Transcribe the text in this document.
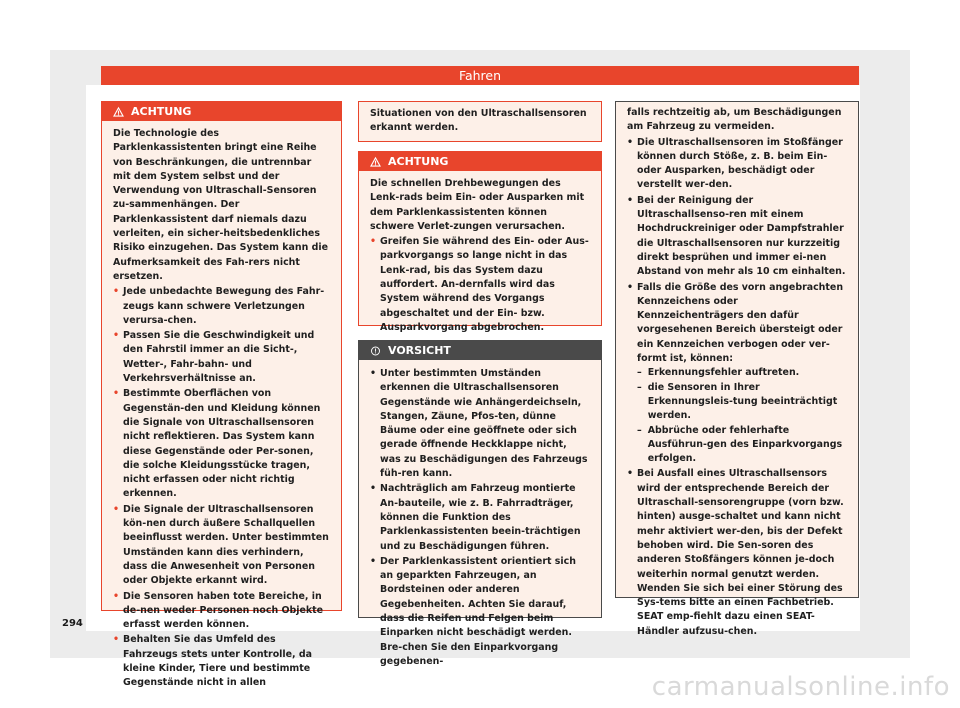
Fahren
ACHTUNG

Die Technologie des Parklenkassistenten bringt eine Reihe von Beschränkungen, die untrennbar mit dem System selbst und der Verwendung von Ultraschall-Sensoren zu-sammenhängen. Der Parklenkassistent darf niemals dazu verleiten, ein sicher-heitsbedenkliches Risiko einzugehen. Das System kann die Aufmerksamkeit des Fah-rers nicht ersetzen.

• Jede unbedachte Bewegung des Fahr-zeugs kann schwere Verletzungen verursa-chen.
• Passen Sie die Geschwindigkeit und den Fahrstil immer an die Sicht-, Wetter-, Fahr-bahn- und Verkehrsverhältnisse an.
• Bestimmte Oberflächen von Gegenstän-den und Kleidung können die Signale von Ultraschallsensoren nicht reflektieren. Das System kann diese Gegenstände oder Per-sonen, die solche Kleidungsstücke tragen, nicht erfassen oder nicht richtig erkennen.
• Die Signale der Ultraschallsensoren kön-nen durch äußere Schallquellen beeinflusst werden. Unter bestimmten Umständen kann dies verhindern, dass die Anwesenheit von Personen oder Objekte erkannt wird.
• Die Sensoren haben tote Bereiche, in de-nen weder Personen noch Objekte erfasst werden können.
• Behalten Sie das Umfeld des Fahrzeugs stets unter Kontrolle, da kleine Kinder, Tiere und bestimmte Gegenstände nicht in allen

Situationen von den Ultraschallsensoren erkannt werden.

ACHTUNG

Die schnellen Drehbewegungen des Lenk-rads beim Ein- oder Ausparken mit dem Parklenkassistenten können schwere Verlet-zungen verursachen.

• Greifen Sie während des Ein- oder Aus-parkvorgangs so lange nicht in das Lenk-rad, bis das System dazu auffordert. An-dernfalls wird das System während des Vorgangs abgeschaltet und der Ein- bzw. Ausparkvorgang abgebrochen.
VORSICHT
• Unter bestimmten Umständen erkennen die Ultraschallsensoren Gegenstände wie Anhängerdeichseln, Stangen, Zäune, Pfos-ten, dünne Bäume oder eine geöffnete oder sich gerade öffnende Heckklappe nicht, was zu Beschädigungen des Fahrzeugs füh-ren kann.
• Nachträglich am Fahrzeug montierte An-bauteile, wie z. B. Fahrradträger, können die Funktion des Parklenkassistenten beein-trächtigen und zu Beschädigungen führen.
• Der Parklenkassistent orientiert sich an geparkten Fahrzeugen, an Bordsteinen oder anderen Gegebenheiten. Achten Sie darauf, dass die Reifen und Felgen beim Einparken nicht beschädigt werden. Bre-chen Sie den Einparkvorgang gegebenen-

falls rechtzeitig ab, um Beschädigungen am Fahrzeug zu vermeiden.

• Die Ultraschallsensoren im Stoßfänger können durch Stöße, z. B. beim Ein- oder Ausparken, beschädigt oder verstellt wer-den.
• Bei der Reinigung der Ultraschallsenso-ren mit einem Hochdruckreiniger oder Dampfstrahler die Ultraschallsensoren nur kurzzeitig direkt besprühen und immer ei-nen Abstand von mehr als 10 cm einhalten.
• Falls die Größe des vorn angebrachten Kennzeichens oder Kennzeichenträgers den dafür vorgesehenen Bereich übersteigt oder ein Kennzeichen verbogen oder ver-formt ist, können:
– Erkennungsfehler auftreten.
– die Sensoren in Ihrer Erkennungsleis-tung beeinträchtigt werden.
– Abbrüche oder fehlerhafte Ausführun-gen des Einparkvorgangs erfolgen.
• Bei Ausfall eines Ultraschallsensors wird der entsprechende Bereich der Ultraschall-sensorengruppe (vorn bzw. hinten) ausge-schaltet und kann nicht mehr aktiviert wer-den, bis der Defekt behoben wird. Die Sen-soren des anderen Stoßfängers können je-doch weiterhin normal genutzt werden. Wenden Sie sich bei einer Störung des Sys-tems bitte an einen Fachbetrieb. SEAT emp-fiehlt dazu einen SEAT-Händler aufzusu-chen.
294
carmanualsonline.info
